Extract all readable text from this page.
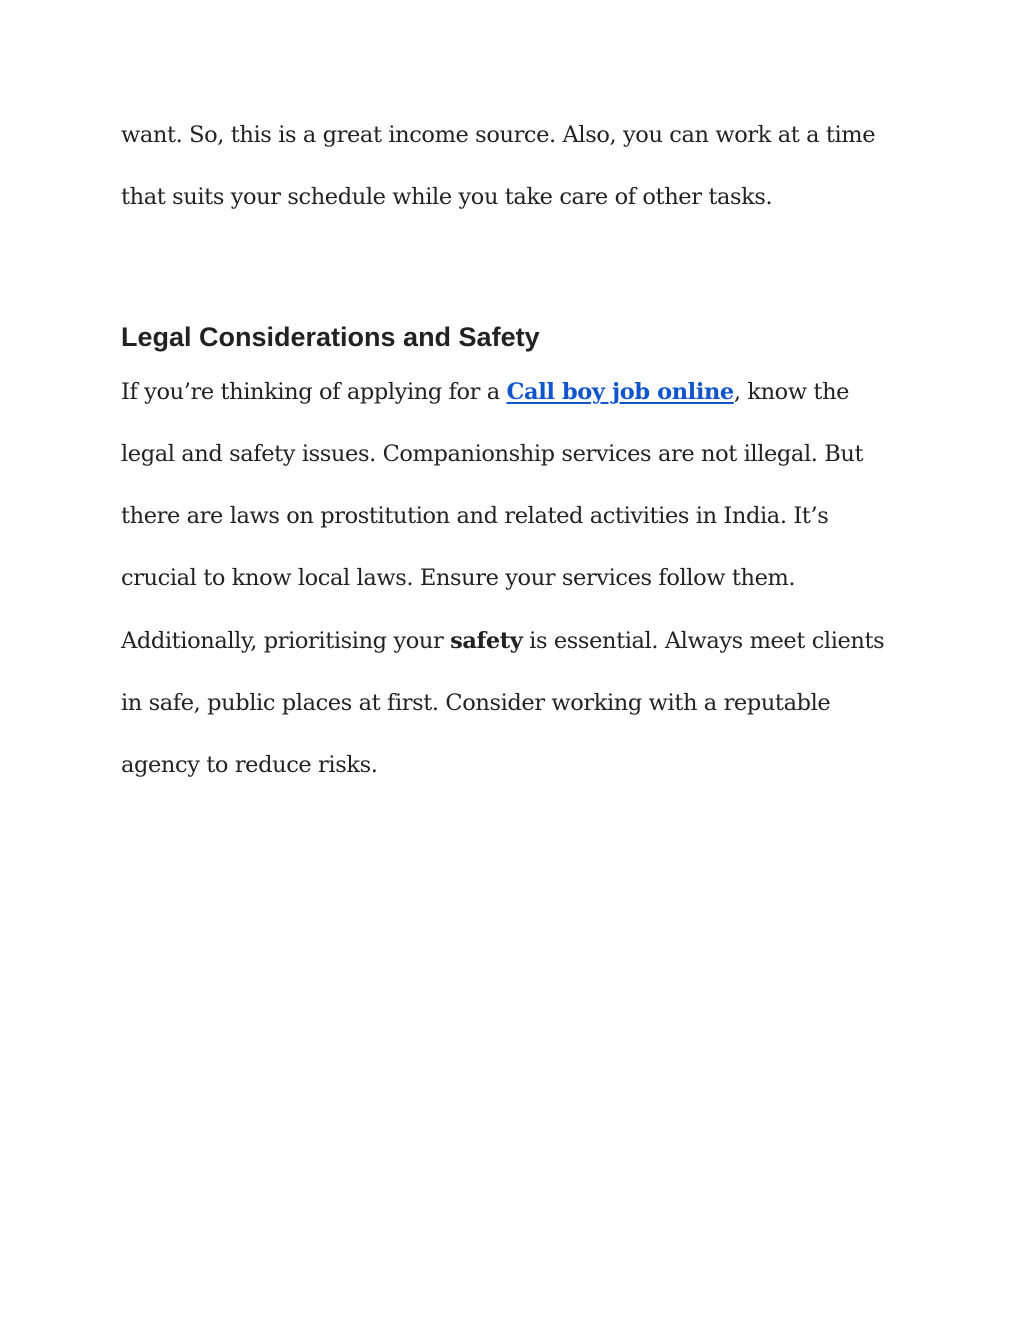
want. So, this is a great income source. Also, you can work at a time
that suits your schedule while you take care of other tasks.
Legal Considerations and Safety
If you’re thinking of applying for a Call boy job online, know the
legal and safety issues. Companionship services are not illegal. But
there are laws on prostitution and related activities in India. It’s
crucial to know local laws. Ensure your services follow them.
Additionally, prioritising your safety is essential. Always meet clients
in safe, public places at first. Consider working with a reputable
agency to reduce risks.
